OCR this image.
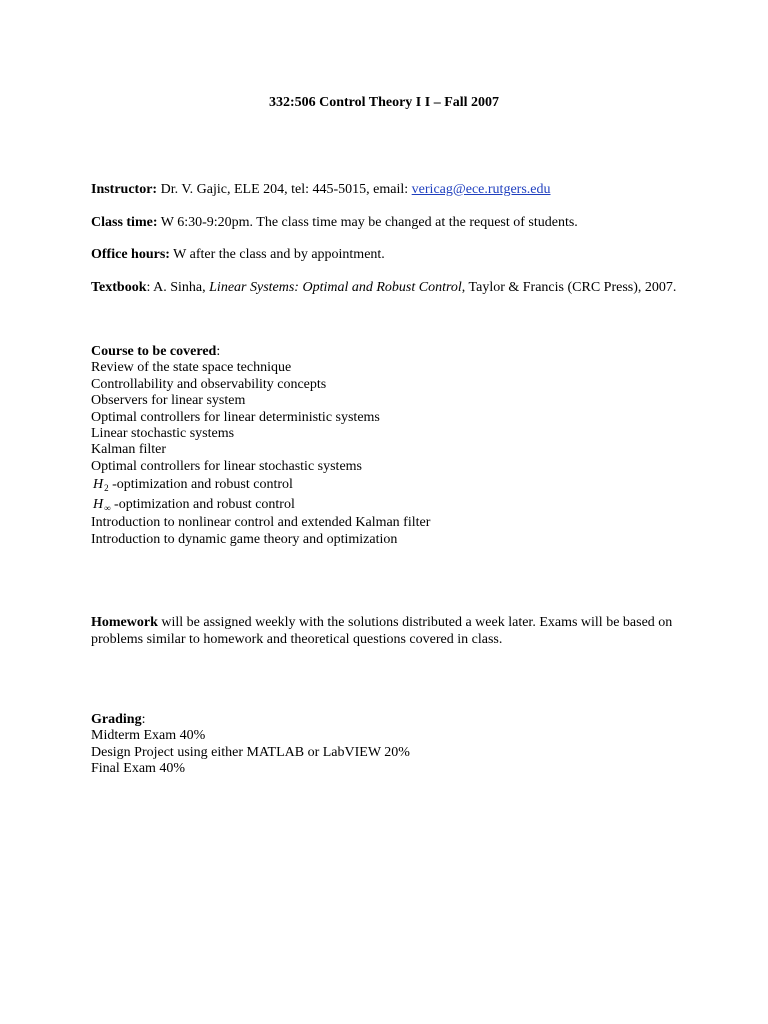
332:506 Control Theory I I – Fall 2007
Instructor: Dr. V. Gajic, ELE 204, tel: 445-5015, email: vericag@ece.rutgers.edu
Class time: W 6:30-9:20pm. The class time may be changed at the request of students.
Office hours: W after the class and by appointment.
Textbook: A. Sinha, Linear Systems: Optimal and Robust Control, Taylor & Francis (CRC Press), 2007.
Course to be covered:
Review of the state space technique
Controllability and observability concepts
Observers for linear system
Optimal controllers for linear deterministic systems
Linear stochastic systems
Kalman filter
Optimal controllers for linear stochastic systems
$H_2$ -optimization and robust control
$H_\infty$ -optimization and robust control
Introduction to nonlinear control and extended Kalman filter
Introduction to dynamic game theory and optimization
Homework will be assigned weekly with the solutions distributed a week later. Exams will be based on problems similar to homework and theoretical questions covered in class.
Grading:
Midterm Exam 40%
Design Project using either MATLAB or LabVIEW 20%
Final Exam 40%
